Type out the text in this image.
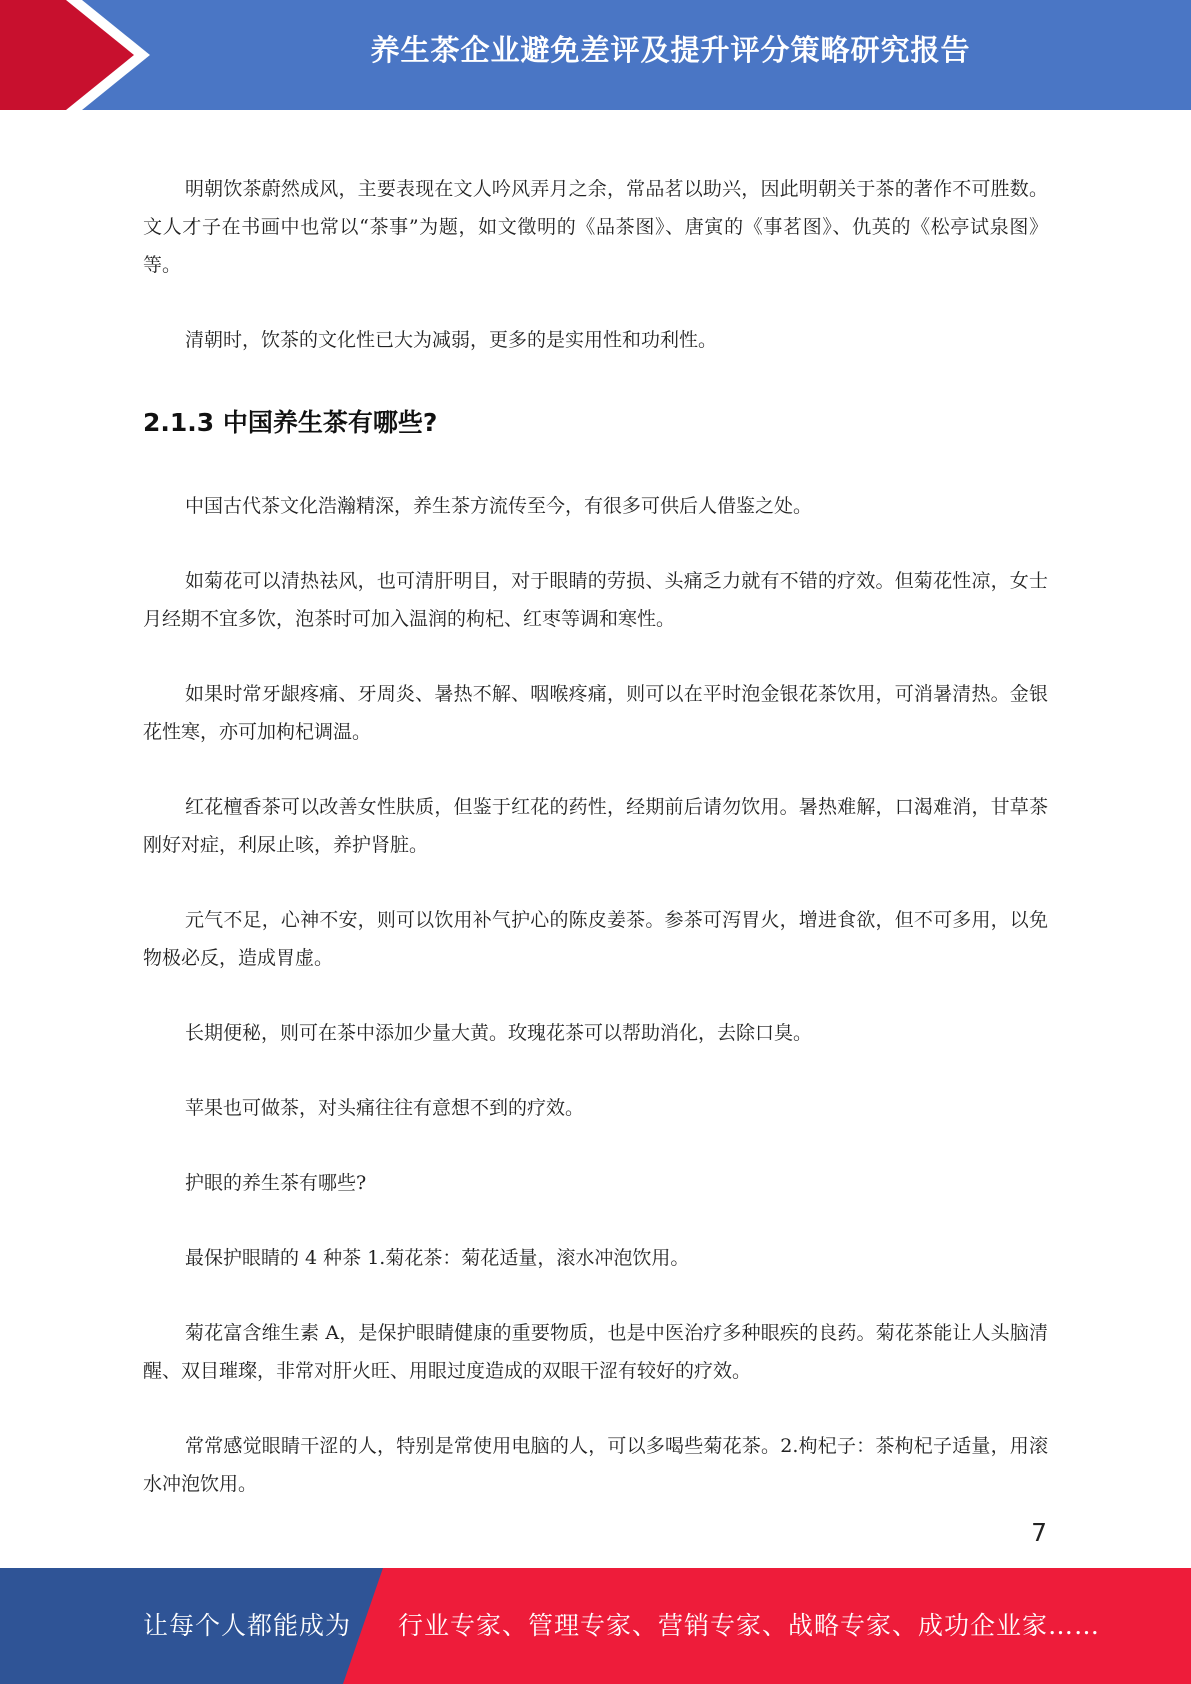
养生茶企业避免差评及提升评分策略研究报告

明朝饮茶蔚然成风，主要表现在文人吟风弄月之余，常品茗以助兴，因此明朝关于茶的著作不可胜数。文人才子在书画中也常以“茶事”为题，如文徵明的《品茶图》、唐寅的《事茗图》、仇英的《松亭试泉图》等。

清朝时，饮茶的文化性已大为减弱，更多的是实用性和功利性。

2.1.3 中国养生茶有哪些?

中国古代茶文化浩瀚精深，养生茶方流传至今，有很多可供后人借鉴之处。

如菊花可以清热祛风，也可清肝明目，对于眼睛的劳损、头痛乏力就有不错的疗效。但菊花性凉，女士月经期不宜多饮，泡茶时可加入温润的枸杞、红枣等调和寒性。

如果时常牙龈疼痛、牙周炎、暑热不解、咽喉疼痛，则可以在平时泡金银花茶饮用，可消暑清热。金银花性寒，亦可加枸杞调温。

红花檀香茶可以改善女性肤质，但鉴于红花的药性，经期前后请勿饮用。暑热难解，口渴难消，甘草茶刚好对症，利尿止咳，养护肾脏。

元气不足，心神不安，则可以饮用补气护心的陈皮姜茶。参茶可泻胃火，增进食欲，但不可多用，以免物极必反，造成胃虚。

长期便秘，则可在茶中添加少量大黄。玫瑰花茶可以帮助消化，去除口臭。

苹果也可做茶，对头痛往往有意想不到的疗效。

护眼的养生茶有哪些?

最保护眼睛的 4 种茶 1.菊花茶：菊花适量，滚水冲泡饮用。

菊花富含维生素 A，是保护眼睛健康的重要物质，也是中医治疗多种眼疾的良药。菊花茶能让人头脑清醒、双目璀璨，非常对肝火旺、用眼过度造成的双眼干涩有较好的疗效。

常常感觉眼睛干涩的人，特别是常使用电脑的人，可以多喝些菊花茶。2.枸杞子：茶枸杞子适量，用滚水冲泡饮用。

7
让每个人都能成为 行业专家、管理专家、营销专家、战略专家、成功企业家……
